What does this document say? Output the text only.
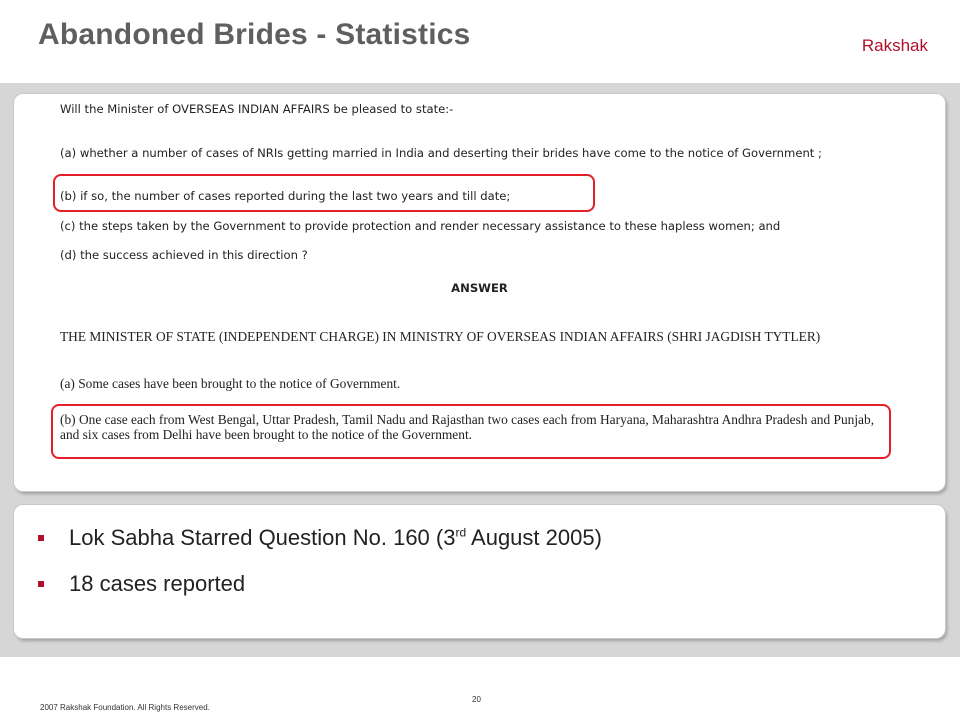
Abandoned Brides - Statistics	Rakshak
Will the Minister of OVERSEAS INDIAN AFFAIRS be pleased to state:-
(a) whether a number of cases of NRIs getting married in India and deserting their brides have come to the notice of Government ;
(b) if so, the number of cases reported during the last two years and till date;
(c) the steps taken by the Government to provide protection and render necessary assistance to these hapless women; and
(d) the success achieved in this direction ?
ANSWER
THE MINISTER OF STATE (INDEPENDENT CHARGE) IN MINISTRY OF OVERSEAS INDIAN AFFAIRS (SHRI JAGDISH TYTLER)
(a) Some cases have been brought to the notice of Government.
(b) One case each from West Bengal, Uttar Pradesh, Tamil Nadu and Rajasthan two cases each from Haryana, Maharashtra Andhra Pradesh and Punjab, and six cases from Delhi have been brought to the notice of the Government.
Lok Sabha Starred Question No. 160 (3rd August 2005)
18 cases reported
20
2007 Rakshak Foundation. All Rights Reserved.
